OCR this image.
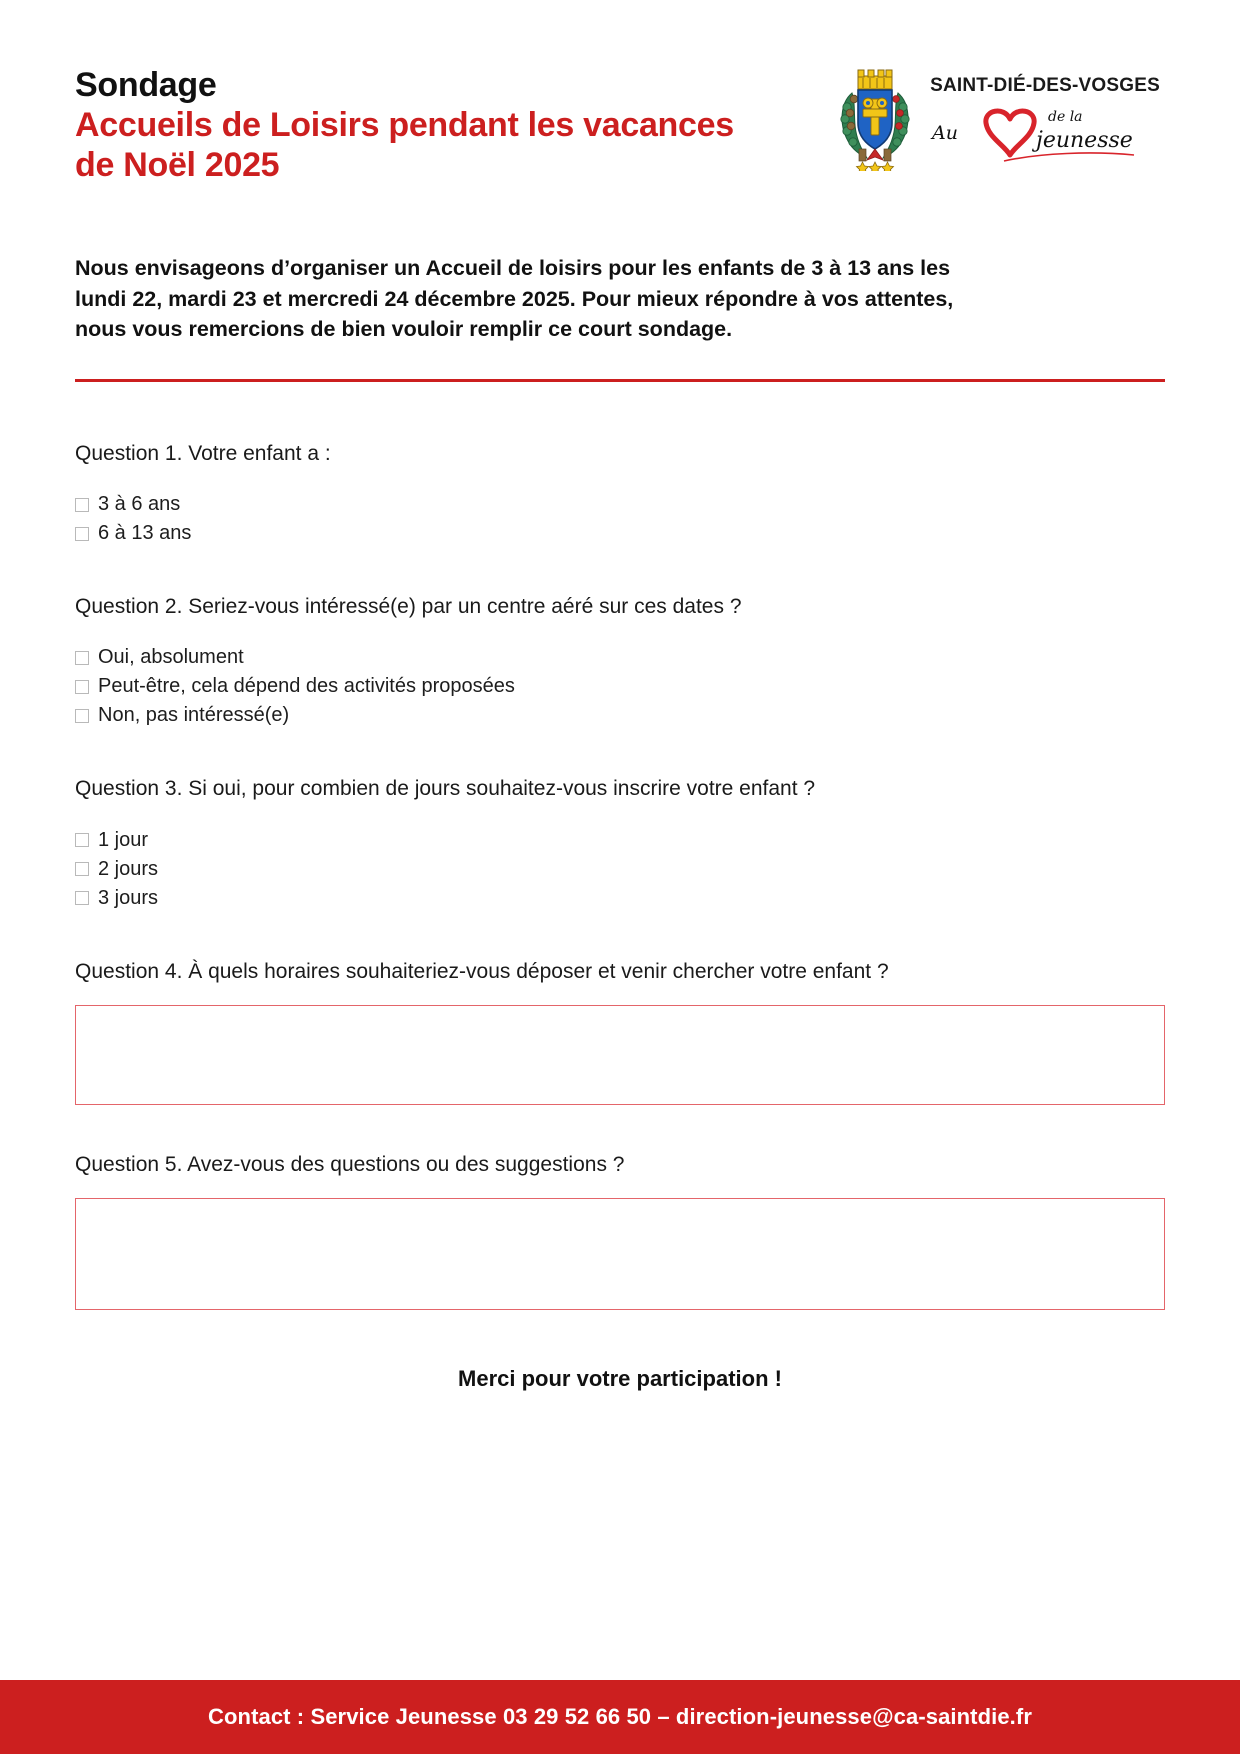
Sondage
Accueils de Loisirs pendant les vacances de Noël 2025
SAINT-DIÉ-DES-VOSGES
Au
de la
jeunesse
Nous envisageons d’organiser un Accueil de loisirs pour les enfants de 3 à 13 ans les lundi 22, mardi 23 et mercredi 24 décembre 2025. Pour mieux répondre à vos attentes, nous vous remercions de bien vouloir remplir ce court sondage.
Question 1. Votre enfant a :
3 à 6 ans
6 à 13 ans
Question 2. Seriez-vous intéressé(e) par un centre aéré sur ces dates ?
Oui, absolument
Peut-être, cela dépend des activités proposées
Non, pas intéressé(e)
Question 3. Si oui, pour combien de jours souhaitez-vous inscrire votre enfant ?
1 jour
2 jours
3 jours
Question 4. À quels horaires souhaiteriez-vous déposer et venir chercher votre enfant ?
Question 5. Avez-vous des questions ou des suggestions ?
Merci pour votre participation !
Contact : Service Jeunesse 03 29 52 66 50 – direction-jeunesse@ca-saintdie.fr
